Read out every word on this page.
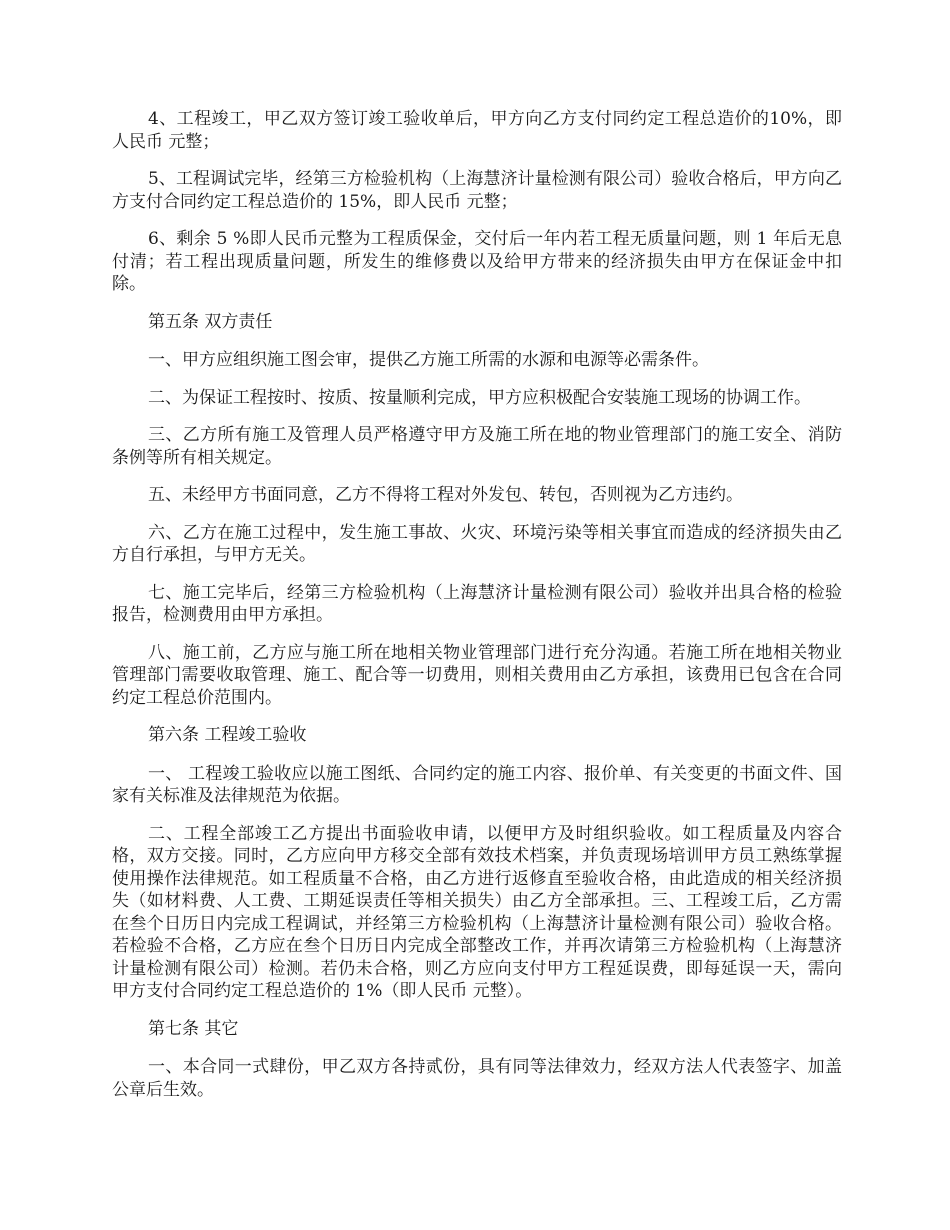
4、工程竣工，甲乙双方签订竣工验收单后，甲方向乙方支付同约定工程总造价的10%，即人民币 元整；

5、工程调试完毕，经第三方检验机构（上海慧济计量检测有限公司）验收合格后，甲方向乙方支付合同约定工程总造价的 15%，即人民币 元整；

6、剩余 5 %即人民币元整为工程质保金，交付后一年内若工程无质量问题，则 1 年后无息付清；若工程出现质量问题，所发生的维修费以及给甲方带来的经济损失由甲方在保证金中扣除。

第五条 双方责任

一、甲方应组织施工图会审，提供乙方施工所需的水源和电源等必需条件。

二、为保证工程按时、按质、按量顺利完成，甲方应积极配合安装施工现场的协调工作。

三、乙方所有施工及管理人员严格遵守甲方及施工所在地的物业管理部门的施工安全、消防条例等所有相关规定。

五、未经甲方书面同意，乙方不得将工程对外发包、转包，否则视为乙方违约。

六、乙方在施工过程中，发生施工事故、火灾、环境污染等相关事宜而造成的经济损失由乙方自行承担，与甲方无关。

七、施工完毕后，经第三方检验机构（上海慧济计量检测有限公司）验收并出具合格的检验报告，检测费用由甲方承担。

八、施工前，乙方应与施工所在地相关物业管理部门进行充分沟通。若施工所在地相关物业管理部门需要收取管理、施工、配合等一切费用，则相关费用由乙方承担，该费用已包含在合同约定工程总价范围内。

第六条 工程竣工验收

一、 工程竣工验收应以施工图纸、合同约定的施工内容、报价单、有关变更的书面文件、国家有关标准及法律规范为依据。

二、工程全部竣工乙方提出书面验收申请，以便甲方及时组织验收。如工程质量及内容合格，双方交接。同时，乙方应向甲方移交全部有效技术档案，并负责现场培训甲方员工熟练掌握使用操作法律规范。如工程质量不合格，由乙方进行返修直至验收合格，由此造成的相关经济损失（如材料费、人工费、工期延误责任等相关损失）由乙方全部承担。三、工程竣工后，乙方需在叁个日历日内完成工程调试，并经第三方检验机构（上海慧济计量检测有限公司）验收合格。若检验不合格，乙方应在叁个日历日内完成全部整改工作，并再次请第三方检验机构（上海慧济计量检测有限公司）检测。若仍未合格，则乙方应向支付甲方工程延误费，即每延误一天，需向甲方支付合同约定工程总造价的 1%（即人民币 元整）。

第七条 其它

一、本合同一式肆份，甲乙双方各持贰份，具有同等法律效力，经双方法人代表签字、加盖公章后生效。
